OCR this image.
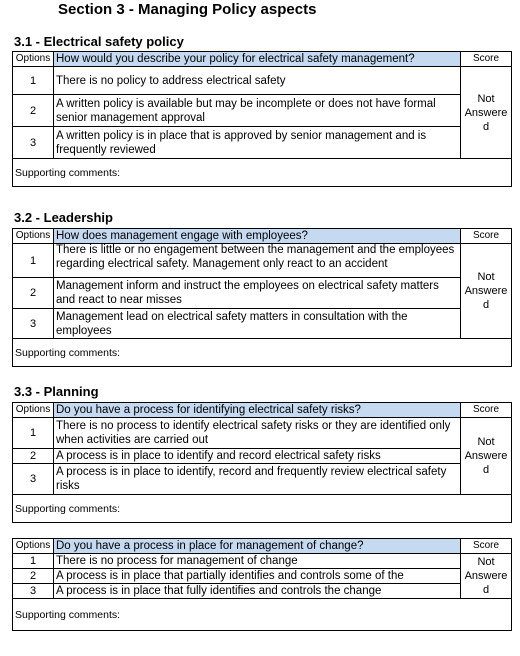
Section 3 - Managing Policy aspects
3.1 - Electrical safety policy
Options	How would you describe your policy for electrical safety management?	Score
1	There is no policy to address electrical safety	Not
Answere
d

2	A written policy is available but may be incomplete or does not have formal senior management approval	
3	A written policy is in place that is approved by senior management and is frequently reviewed	
Supporting comments:		
3.2 - Leadership
Options	How does management engage with employees?	Score
1	There is little or no engagement between the management and the employees regarding electrical safety. Management only react to an accident	Not
Answere
d

2	Management inform and instruct the employees on electrical safety matters and react to near misses	
3	Management lead on electrical safety matters in consultation with the employees	
Supporting comments:		
3.3 - Planning
Options	Do you have a process for identifying electrical safety risks?	Score
1	There is no process to identify electrical safety risks or they are identified only when activities are carried out	Not
Answere
d

2	A process is in place to identify and record electrical safety risks	
3	A process is in place to identify, record and frequently review electrical safety risks	
Supporting comments:		
Options	Do you have a process in place for management of change?	Score
1	There is no process for management of change	Not
Answere
d

2	A process is in place that partially identifies and controls some of the	
3	A process is in place that fully identifies and controls the change	
Supporting comments:		
